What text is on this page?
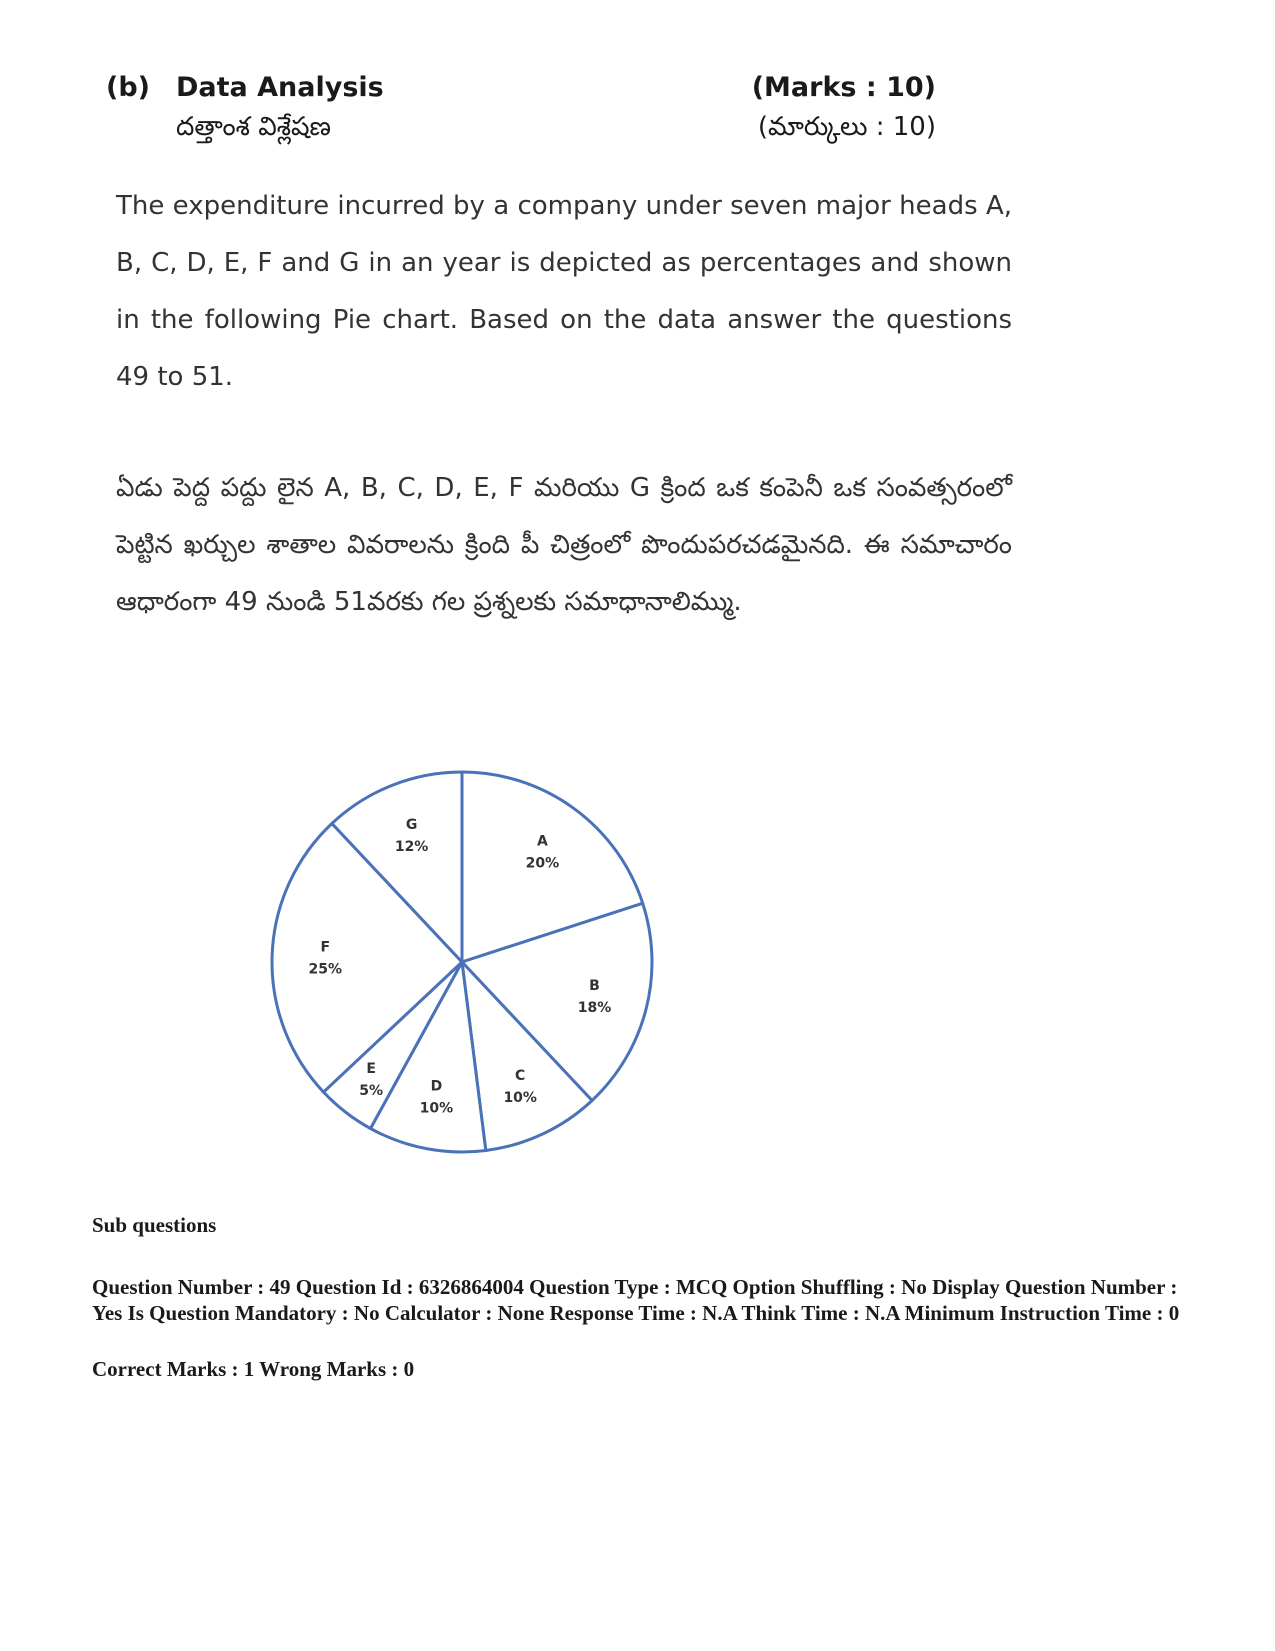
(b) Data Analysis
దత్తాంశ విశ్లేషణ
(Marks : 10)
(మార్కులు : 10)

The expenditure incurred by a company under seven major heads A, B, C, D, E, F and G in an year is depicted as percentages and shown in the following Pie chart. Based on the data answer the questions 49 to 51.

ఏడు పెద్ద పద్దు లైన A, B, C, D, E, F మరియు G క్రింద ఒక కంపెనీ ఒక సంవత్సరంలో పెట్టిన ఖర్చుల శాతాల వివరాలను క్రింది పీ చిత్రంలో పొందుపరచడమైనది. ఈ సమాచారం ఆధారంగా 49 నుండి 51వరకు గల ప్రశ్నలకు సమాధానాలిమ్ము.

A
20%
B
18%
C
10%
D
10%
E
5%
F
25%
G
12%

Sub questions

Question Number : 49 Question Id : 6326864004 Question Type : MCQ Option Shuffling : No Display Question Number : Yes Is Question Mandatory : No Calculator : None Response Time : N.A Think Time : N.A Minimum Instruction Time : 0

Correct Marks : 1 Wrong Marks : 0
